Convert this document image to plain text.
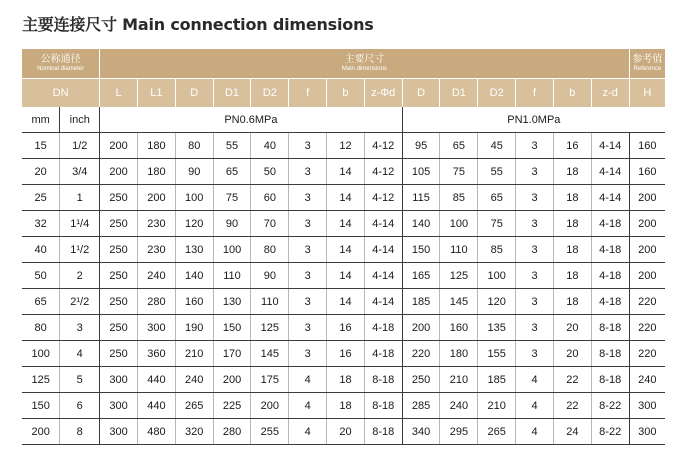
主要连接尺寸 Main connection dimensions
公称通径
Nominal diameter		主要尺寸
Main dimensions														参考值
Reference

DN		L	L1	D	D1	D2	f	b	z-Φd	D	D1	D2	f	b	z-d	H
mm	inch	PN0.6MPa								PN1.0MPa						
15	1/2	200	180	80	55	40	3	12	4-12	95	65	45	3	16	4-14	160
20	3/4	200	180	90	65	50	3	14	4-12	105	75	55	3	18	4-14	160
25	1	250	200	100	75	60	3	14	4-12	115	85	65	3	18	4-14	200
32	1¹/4	250	230	120	90	70	3	14	4-14	140	100	75	3	18	4-18	200
40	1¹/2	250	230	130	100	80	3	14	4-14	150	110	85	3	18	4-18	200
50	2	250	240	140	110	90	3	14	4-14	165	125	100	3	18	4-18	200
65	2¹/2	250	280	160	130	110	3	14	4-14	185	145	120	3	18	4-18	220
80	3	250	300	190	150	125	3	16	4-18	200	160	135	3	20	8-18	220
100	4	250	360	210	170	145	3	16	4-18	220	180	155	3	20	8-18	220
125	5	300	440	240	200	175	4	18	8-18	250	210	185	4	22	8-18	240
150	6	300	440	265	225	200	4	18	8-18	285	240	210	4	22	8-22	300
200	8	300	480	320	280	255	4	20	8-18	340	295	265	4	24	8-22	300
